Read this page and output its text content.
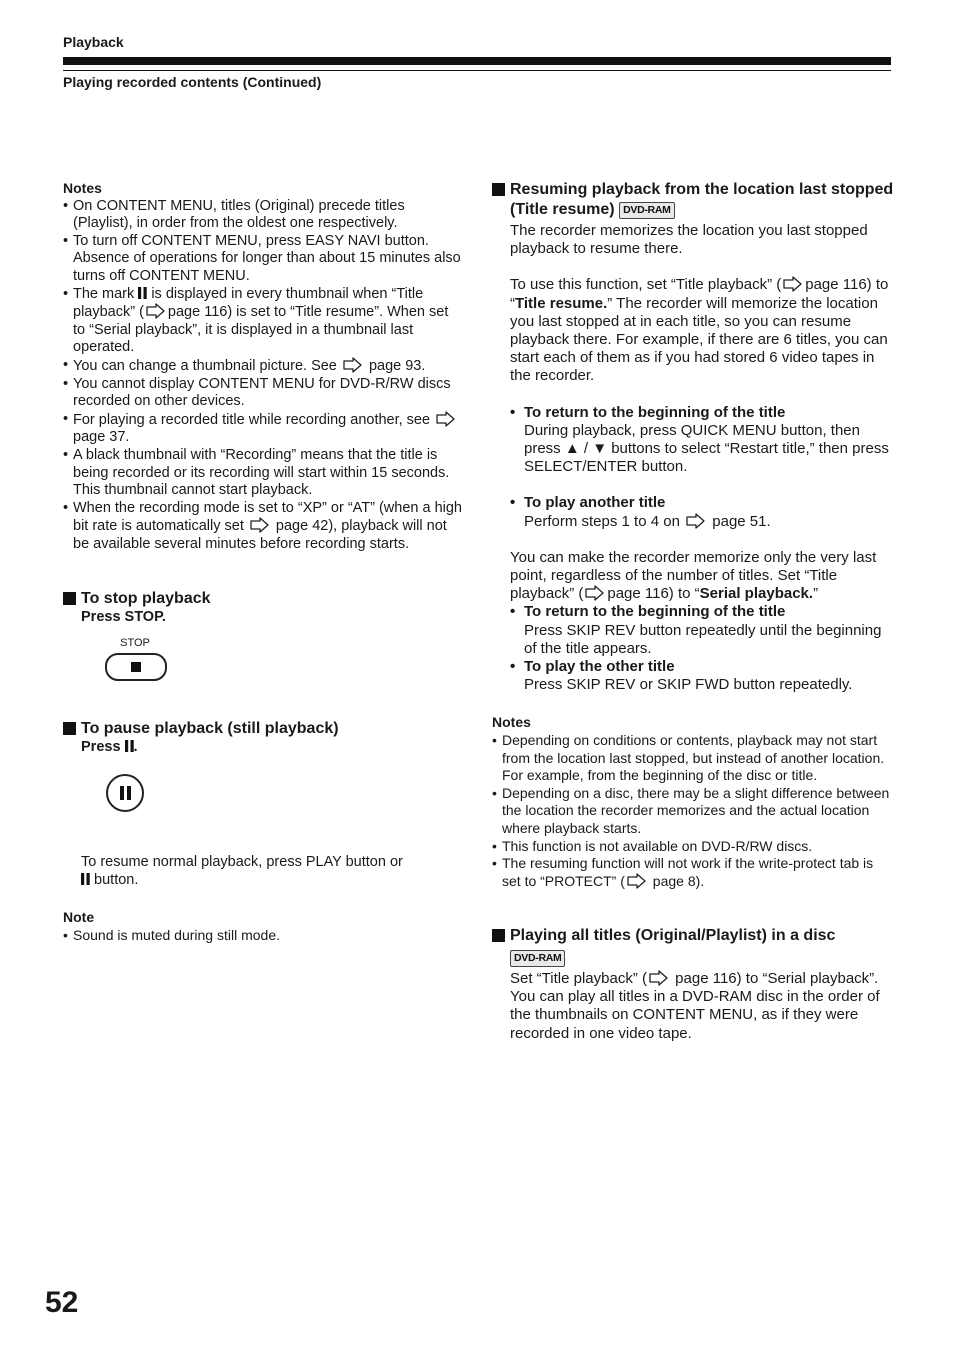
Playback
Playing recorded contents (Continued)
Notes
• On CONTENT MENU, titles (Original) precede titles (Playlist), in order from the oldest one respectively.
• To turn off CONTENT MENU, press EASY NAVI button. Absence of operations for longer than about 15 minutes also turns off CONTENT MENU.
• The mark is displayed in every thumbnail when “Title playback” ( page 116) is set to “Title resume”. When set to “Serial playback”, it is displayed in a thumbnail last operated.
• You can change a thumbnail picture. See page 93.
• You cannot display CONTENT MENU for DVD-R/RW discs recorded on other devices.
• For playing a recorded title while recording another, see  page 37.
• A black thumbnail with “Recording” means that the title is being recorded or its recording will start within 15 seconds. This thumbnail cannot start playback.
• When the recording mode is set to “XP” or “AT” (when a high bit rate is automatically set page 42), playback will not be available several minutes before recording starts.
To stop playback
Press STOP.
STOP
To pause playback (still playback)
Press .
To resume normal playback, press PLAY button or
button.
Note
• Sound is muted during still mode.
Resuming playback from the location last stopped (Title resume) DVD-RAM
The recorder memorizes the location you last stopped playback to resume there.
To use this function, set “Title playback” ( page 116) to “Title resume.” The recorder will memorize the location you last stopped at in each title, so you can resume playback there. For example, if there are 6 titles, you can start each of them as if you had stored 6 video tapes in the recorder.
• To return to the beginning of the title
During playback, press QUICK MENU button, then press ▲ / ▼ buttons to select “Restart title,” then press SELECT/ENTER button.
• To play another title
Perform steps 1 to 4 on page 51.
You can make the recorder memorize only the very last point, regardless of the number of titles. Set “Title playback” ( page 116) to “Serial playback.”
• To return to the beginning of the title
Press SKIP REV button repeatedly until the beginning of the title appears.
• To play the other title
Press SKIP REV or SKIP FWD button repeatedly.
Notes
• Depending on conditions or contents, playback may not start from the location last stopped, but instead of another location. For example, from the beginning of the disc or title.
• Depending on a disc, there may be a slight difference between the location the recorder memorizes and the actual location where playback starts.
• This function is not available on DVD-R/RW discs.
• The resuming function will not work if the write-protect tab is set to “PROTECT” ( page 8).
Playing all titles (Original/Playlist) in a disc
DVD-RAM
Set “Title playback” ( page 116) to “Serial playback”. You can play all titles in a DVD-RAM disc in the order of the thumbnails on CONTENT MENU, as if they were recorded in one video tape.
52
